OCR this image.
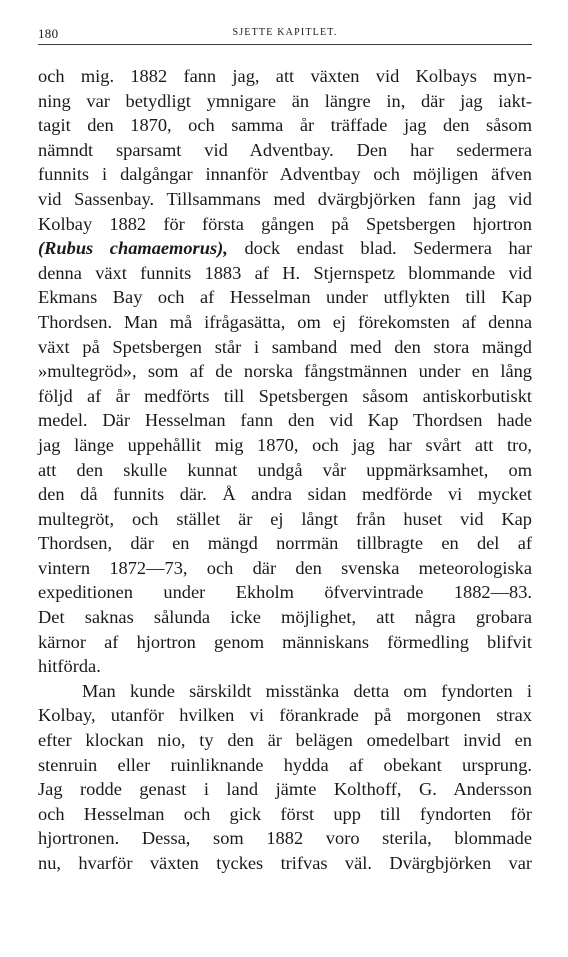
180	SJETTE KAPITLET.
och mig. 1882 fann jag, att växten vid Kolbays myn-
ning var betydligt ymnigare än längre in, där jag iakt-
tagit den 1870, och samma år träffade jag den såsom
nämndt sparsamt vid Adventbay. Den har sedermera
funnits i dalgångar innanför Adventbay och möjligen äfven
vid Sassenbay. Tillsammans med dvärgbjörken fann jag vid
Kolbay 1882 för första gången på Spetsbergen hjortron
(Rubus chamaemorus), dock endast blad. Sedermera har
denna växt funnits 1883 af H. Stjernspetz blommande vid
Ekmans Bay och af Hesselman under utflykten till Kap
Thordsen. Man må ifrågasätta, om ej förekomsten af denna
växt på Spetsbergen står i samband med den stora mängd
»multegröd», som af de norska fångstmännen under en lång
följd af år medförts till Spetsbergen såsom antiskorbutiskt
medel. Där Hesselman fann den vid Kap Thordsen hade
jag länge uppehållit mig 1870, och jag har svårt att tro,
att den skulle kunnat undgå vår uppmärksamhet, om
den då funnits där. Å andra sidan medförde vi mycket
multegröt, och stället är ej långt från huset vid Kap
Thordsen, där en mängd norrmän tillbragte en del af
vintern 1872—73, och där den svenska meteorologiska
expeditionen under Ekholm öfvervintrade 1882—83.
Det saknas sålunda icke möjlighet, att några grobara
kärnor af hjortron genom människans förmedling blifvit
hitförda.
Man kunde särskildt misstänka detta om fyndorten i
Kolbay, utanför hvilken vi förankrade på morgonen strax
efter klockan nio, ty den är belägen omedelbart invid en
stenruin eller ruinliknande hydda af obekant ursprung.
Jag rodde genast i land jämte Kolthoff, G. Andersson
och Hesselman och gick först upp till fyndorten för
hjortronen. Dessa, som 1882 voro sterila, blommade
nu, hvarför växten tyckes trifvas väl. Dvärgbjörken var
